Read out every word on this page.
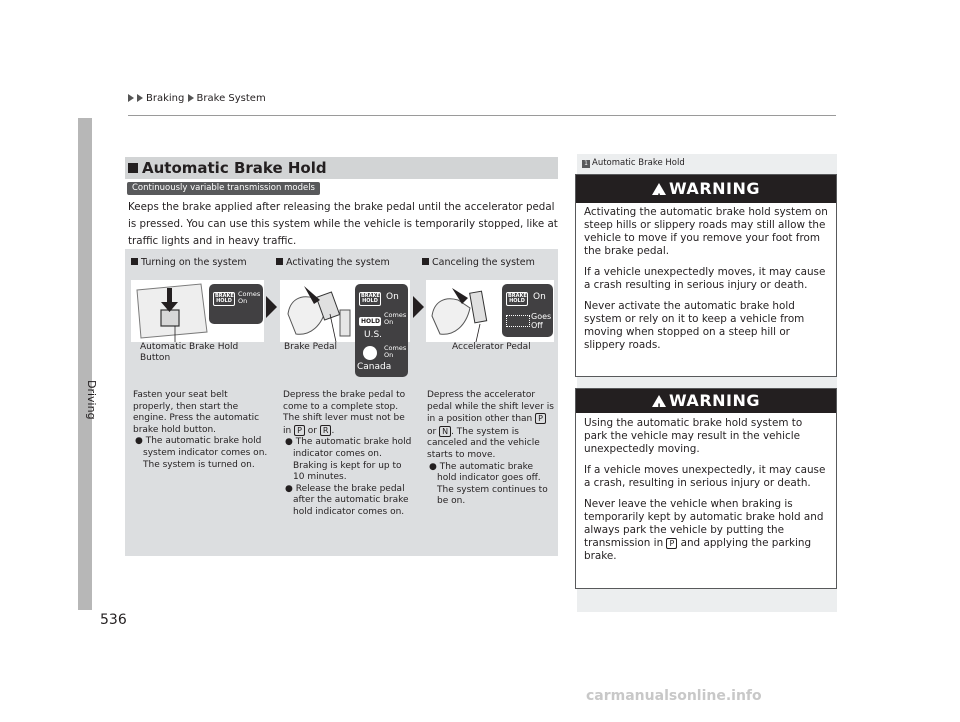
Braking Brake System
Driving
536
Automatic Brake Hold
Continuously variable transmission models
Keeps the brake applied after releasing the brake pedal until the accelerator pedal is pressed. You can use this system while the vehicle is temporarily stopped, like at traffic lights and in heavy traffic.
Turning on the system	Activating the system	Canceling the system
BRAKE HOLD
Comes On
Automatic Brake Hold Button
BRAKE HOLD On
HOLD
Comes On
U.S.
Comes On
Canada
Brake Pedal
BRAKE HOLD On
Goes Off
Accelerator Pedal
Fasten your seat belt properly, then start the engine. Press the automatic brake hold button.
● The automatic brake hold system indicator comes on. The system is turned on.
Depress the brake pedal to come to a complete stop. The shift lever must not be in P or R .
● The automatic brake hold indicator comes on. Braking is kept for up to 10 minutes.
● Release the brake pedal after the automatic brake hold indicator comes on.
Depress the accelerator pedal while the shift lever is in a position other than P or N . The system is canceled and the vehicle starts to move.
● The automatic brake hold indicator goes off. The system continues to be on.
1 Automatic Brake Hold
!WARNING

Activating the automatic brake hold system on steep hills or slippery roads may still allow the vehicle to move if you remove your foot from the brake pedal.

If a vehicle unexpectedly moves, it may cause a crash resulting in serious injury or death.

Never activate the automatic brake hold system or rely on it to keep a vehicle from moving when stopped on a steep hill or slippery roads.

!WARNING

Using the automatic brake hold system to park the vehicle may result in the vehicle unexpectedly moving.

If a vehicle moves unexpectedly, it may cause a crash, resulting in serious injury or death.

Never leave the vehicle when braking is temporarily kept by automatic brake hold and always park the vehicle by putting the transmission in P and applying the parking brake.

carmanualsonline.info
